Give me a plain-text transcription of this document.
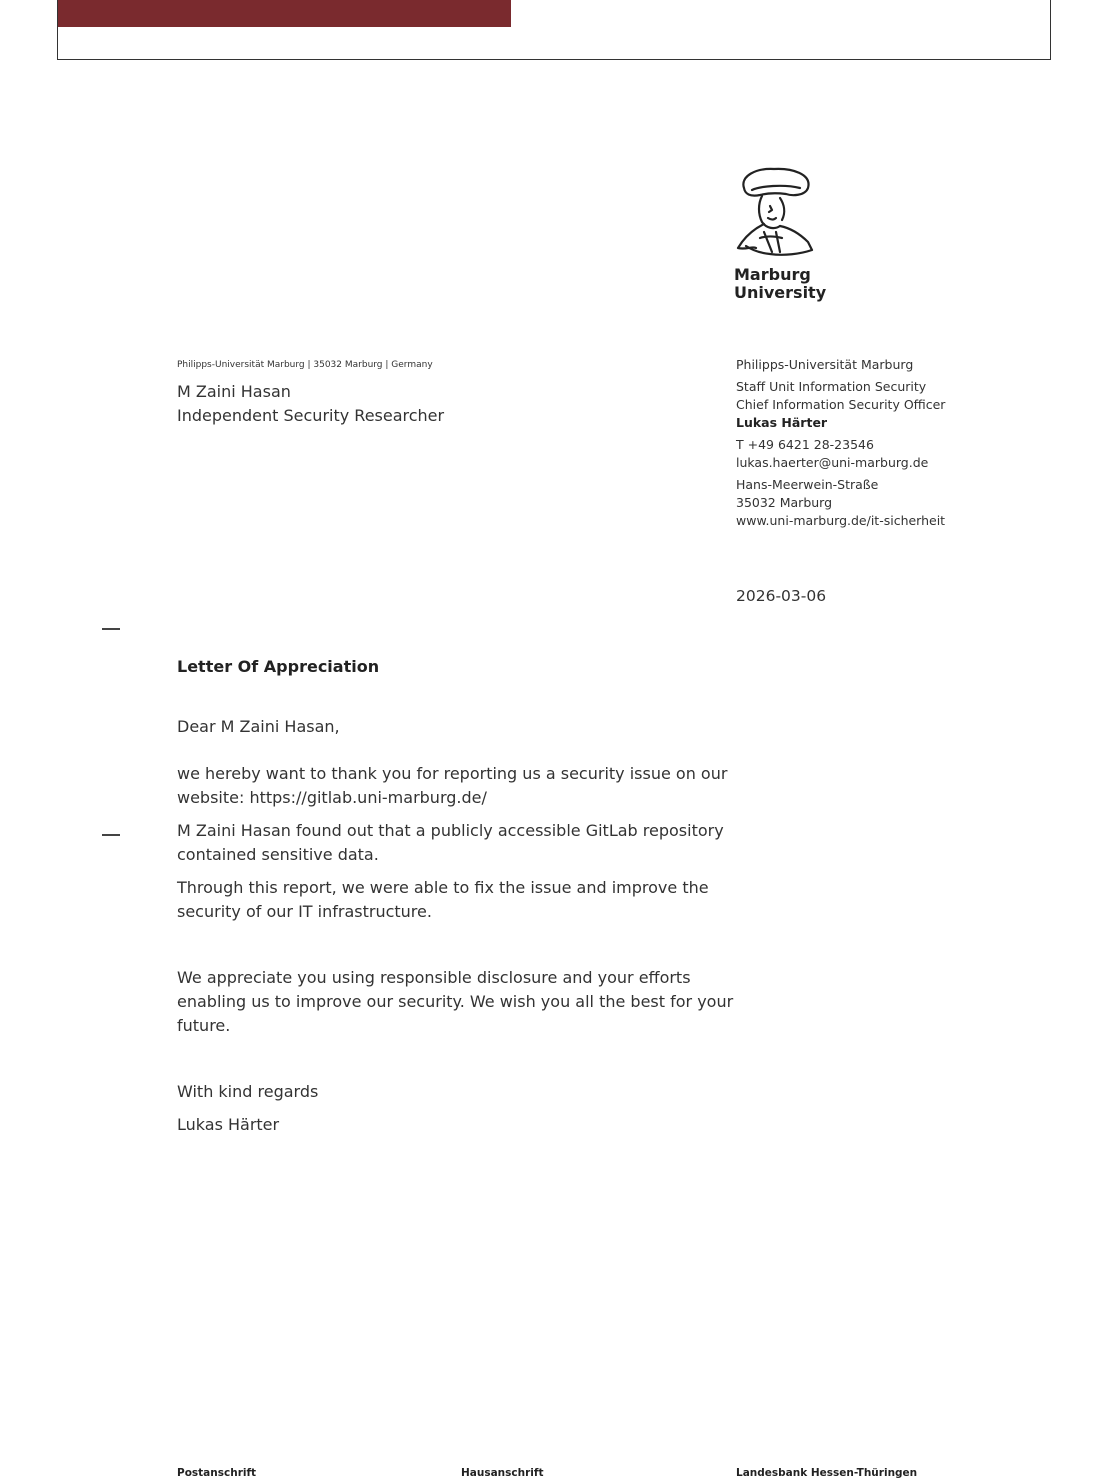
Marburg
University
Philipps-Universität Marburg | 35032 Marburg | Germany
M Zaini Hasan
Independent Security Researcher
Philipps-Universität Marburg
Staff Unit Information Security
Chief Information Security Officer
Lukas Härter
T +49 6421 28-23546
lukas.haerter@uni-marburg.de
Hans-Meerwein-Straße
35032 Marburg
www.uni-marburg.de/it-sicherheit
2026-03-06
Letter Of Appreciation
Dear M Zaini Hasan,
we hereby want to thank you for reporting us a security issue on our website: https://gitlab.uni-marburg.de/
M Zaini Hasan found out that a publicly accessible GitLab repository contained sensitive data.
Through this report, we were able to fix the issue and improve the security of our IT infrastructure.
We appreciate you using responsible disclosure and your efforts enabling us to improve our security. We wish you all the best for your future.
With kind regards
Lukas Härter
Postanschrift	Hausanschrift	Landesbank Hessen-Thüringen
